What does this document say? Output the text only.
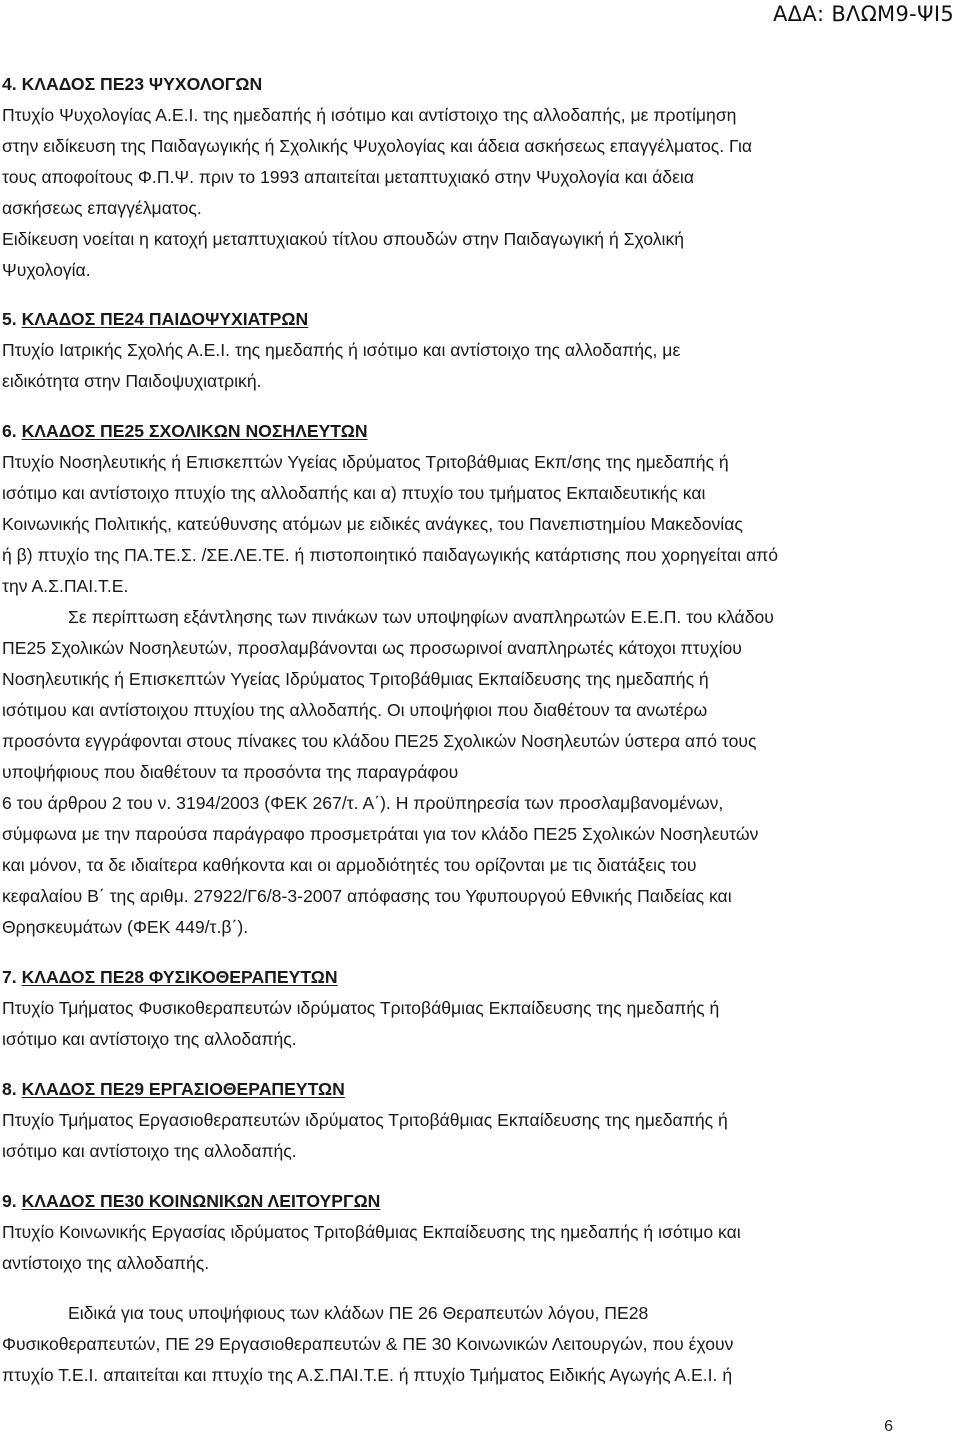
ΑΔΑ: ΒΛΩΜ9-ΨΙ5
4. ΚΛΑΔΟΣ ΠΕ23 ΨΥΧΟΛΟΓΩΝ
Πτυχίο Ψυχολογίας Α.Ε.Ι. της ημεδαπής ή ισότιμο και αντίστοιχο της αλλοδαπής, με προτίμηση
στην ειδίκευση της Παιδαγωγικής ή Σχολικής Ψυχολογίας και άδεια ασκήσεως επαγγέλματος. Για
τους αποφοίτους Φ.Π.Ψ. πριν το 1993 απαιτείται μεταπτυχιακό στην Ψυχολογία και άδεια
ασκήσεως επαγγέλματος.
Ειδίκευση νοείται η κατοχή μεταπτυχιακού τίτλου σπουδών στην Παιδαγωγική ή Σχολική
Ψυχολογία.
5. ΚΛΑΔΟΣ ΠΕ24 ΠΑΙΔΟΨΥΧΙΑΤΡΩΝ
Πτυχίο Ιατρικής Σχολής Α.Ε.Ι. της ημεδαπής ή ισότιμο και αντίστοιχο της αλλοδαπής, με
ειδικότητα στην Παιδοψυχιατρική.
6. ΚΛΑΔΟΣ ΠΕ25 ΣΧΟΛΙΚΩΝ ΝΟΣΗΛΕΥΤΩΝ
Πτυχίο Νοσηλευτικής ή Επισκεπτών Υγείας ιδρύματος Τριτοβάθμιας Εκπ/σης της ημεδαπής ή
ισότιμο και αντίστοιχο πτυχίο της αλλοδαπής και α) πτυχίο του τμήματος Εκπαιδευτικής και
Κοινωνικής Πολιτικής, κατεύθυνσης ατόμων με ειδικές ανάγκες, του Πανεπιστημίου Μακεδονίας
ή β) πτυχίο της ΠΑ.ΤΕ.Σ. /ΣΕ.ΛΕ.ΤΕ. ή πιστοποιητικό παιδαγωγικής κατάρτισης που χορηγείται από
την Α.Σ.ΠΑΙ.Τ.Ε.
Σε περίπτωση εξάντλησης των πινάκων των υποψηφίων αναπληρωτών Ε.Ε.Π. του κλάδου
ΠΕ25 Σχολικών Νοσηλευτών, προσλαμβάνονται ως προσωρινοί αναπληρωτές κάτοχοι πτυχίου
Νοσηλευτικής ή Επισκεπτών Υγείας Ιδρύματος Τριτοβάθμιας Εκπαίδευσης της ημεδαπής ή
ισότιμου και αντίστοιχου πτυχίου της αλλοδαπής. Οι υποψήφιοι που διαθέτουν τα ανωτέρω
προσόντα εγγράφονται στους πίνακες του κλάδου ΠΕ25 Σχολικών Νοσηλευτών ύστερα από τους
υποψήφιους που διαθέτουν τα προσόντα της παραγράφου
6 του άρθρου 2 του ν. 3194/2003 (ΦΕΚ 267/τ. Α΄). Η προϋπηρεσία των προσλαμβανομένων,
σύμφωνα με την παρούσα παράγραφο προσμετράται για τον κλάδο ΠΕ25 Σχολικών Νοσηλευτών
και μόνον, τα δε ιδιαίτερα καθήκοντα και οι αρμοδιότητές του ορίζονται με τις διατάξεις του
κεφαλαίου Β΄ της αριθμ. 27922/Γ6/8-3-2007 απόφασης του Υφυπουργού Εθνικής Παιδείας και
Θρησκευμάτων (ΦΕΚ 449/τ.β΄).
7. ΚΛΑΔΟΣ ΠΕ28 ΦΥΣΙΚΟΘΕΡΑΠΕΥΤΩΝ
Πτυχίο Τμήματος Φυσικοθεραπευτών ιδρύματος Τριτοβάθμιας Εκπαίδευσης της ημεδαπής ή
ισότιμο και αντίστοιχο της αλλοδαπής.
8. ΚΛΑΔΟΣ ΠΕ29 ΕΡΓΑΣΙΟΘΕΡΑΠΕΥΤΩΝ
Πτυχίο Τμήματος Εργασιοθεραπευτών ιδρύματος Τριτοβάθμιας Εκπαίδευσης της ημεδαπής ή
ισότιμο και αντίστοιχο της αλλοδαπής.
9. ΚΛΑΔΟΣ ΠΕ30 ΚΟΙΝΩΝΙΚΩΝ ΛΕΙΤΟΥΡΓΩΝ
Πτυχίο Κοινωνικής Εργασίας ιδρύματος Τριτοβάθμιας Εκπαίδευσης της ημεδαπής ή ισότιμο και
αντίστοιχο της αλλοδαπής.
Ειδικά για τους υποψήφιους των κλάδων ΠΕ 26 Θεραπευτών λόγου, ΠΕ28
Φυσικοθεραπευτών, ΠΕ 29 Εργασιοθεραπευτών & ΠΕ 30 Κοινωνικών Λειτουργών, που έχουν
πτυχίο Τ.Ε.Ι. απαιτείται και πτυχίο της Α.Σ.ΠΑΙ.Τ.Ε. ή πτυχίο Τμήματος Ειδικής Αγωγής Α.Ε.Ι. ή
6
